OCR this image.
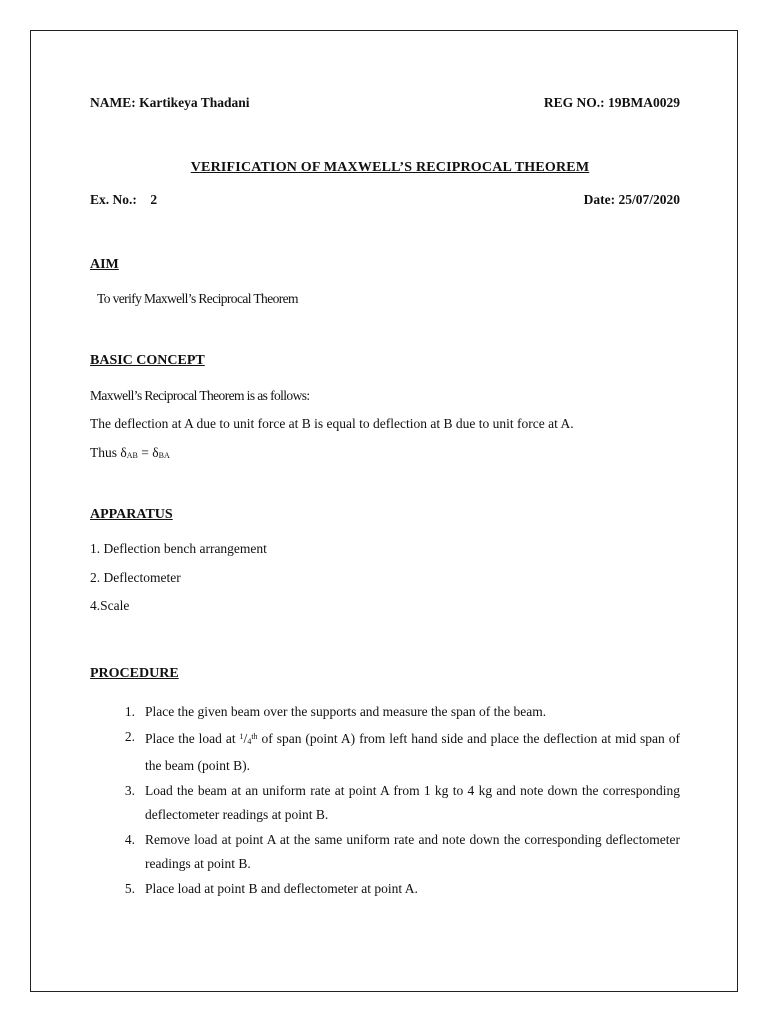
NAME: Kartikeya Thadani	REG NO.: 19BMA0029
VERIFICATION OF MAXWELL’S RECIPROCAL THEOREM
Ex. No.:    2	Date: 25/07/2020
AIM
To verify Maxwell’s Reciprocal Theorem
BASIC CONCEPT
Maxwell’s Reciprocal Theorem is as follows:
The deflection at A due to unit force at B is equal to deflection at B due to unit force at A.
Thus $\delta_{AB} = \delta_{BA}$
APPARATUS
1. Deflection bench arrangement
2. Deflectometer
4.Scale
PROCEDURE
1. Place the given beam over the supports and measure the span of the beam.
2. Place the load at $^1/_4^{th}$ of span (point A) from left hand side and place the deflection at mid span of the beam (point B).
3. Load the beam at an uniform rate at point A from 1 kg to 4 kg and note down the corresponding deflectometer readings at point B.
4. Remove load at point A at the same uniform rate and note down the corresponding deflectometer readings at point B.
5. Place load at point B and deflectometer at point A.
